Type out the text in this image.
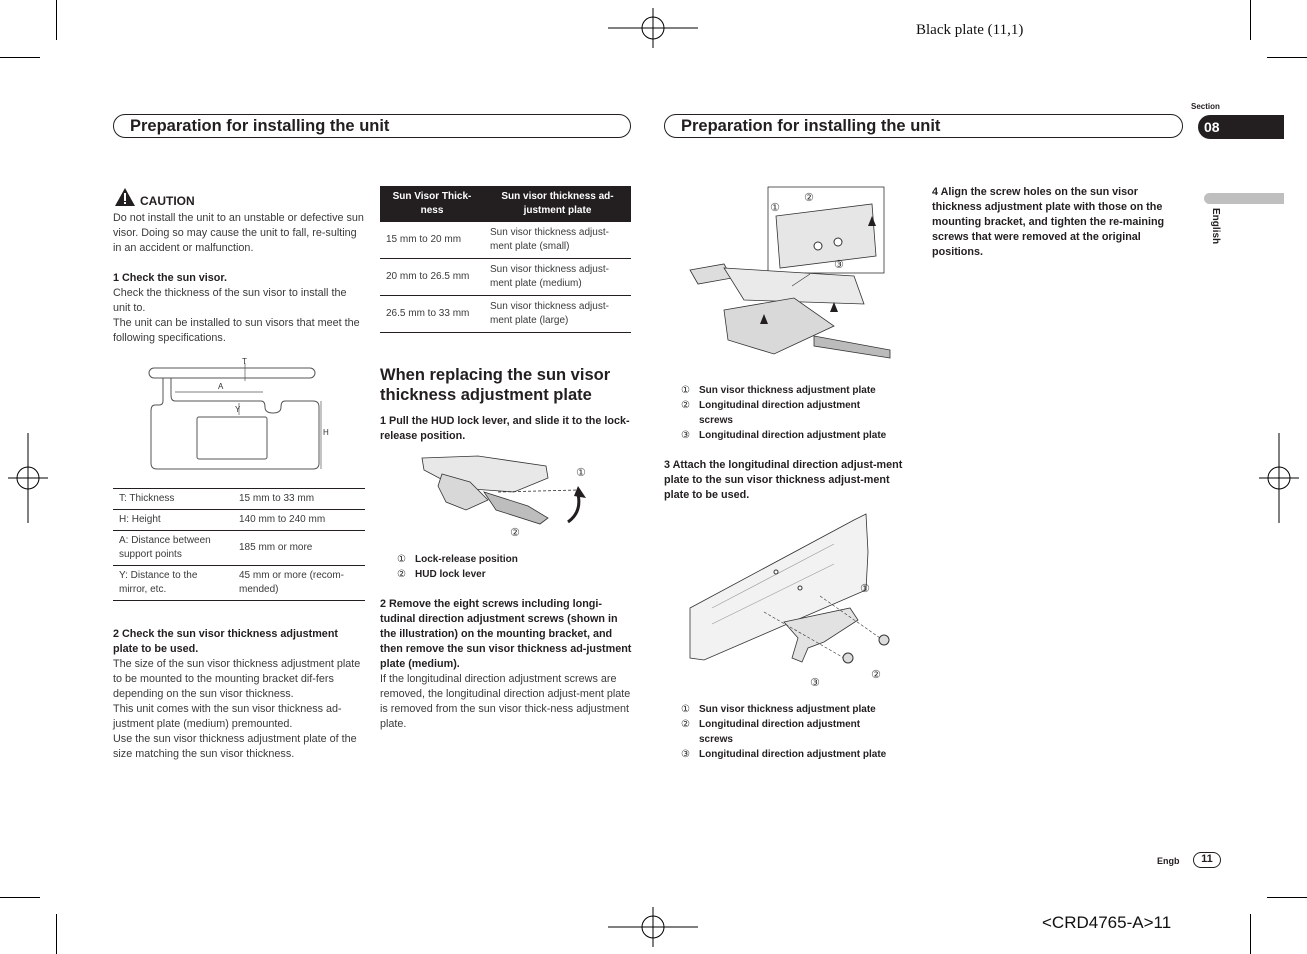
Black plate (11,1)
<CRD4765-A>11
Preparation for installing the unit	Preparation for installing the unit
Section
08
English
CAUTION
Do not install the unit to an unstable or defective sun visor. Doing so may cause the unit to fall, re-sulting in an accident or malfunction.
1 Check the sun visor.
Check the thickness of the sun visor to install the unit to.
The unit can be installed to sun visors that meet the following specifications.
T
A
Y
H
T: Thickness	15 mm to 33 mm
H: Height	140 mm to 240 mm
A: Distance between support points	185 mm or more
Y: Distance to the mirror, etc.	45 mm or more (recom-mended)
2 Check the sun visor thickness adjustment plate to be used.
The size of the sun visor thickness adjustment plate to be mounted to the mounting bracket dif-fers depending on the sun visor thickness.
This unit comes with the sun visor thickness ad-justment plate (medium) premounted.
Use the sun visor thickness adjustment plate of the size matching the sun visor thickness.
Sun Visor Thick-ness	Sun visor thickness ad-justment plate
15 mm to 20 mm	Sun visor thickness adjust-ment plate (small)
20 mm to 26.5 mm	Sun visor thickness adjust-ment plate (medium)
26.5 mm to 33 mm	Sun visor thickness adjust-ment plate (large)
When replacing the sun visor thickness adjustment plate
1 Pull the HUD lock lever, and slide it to the lock-release position.
①
②
① Lock-release position
② HUD lock lever
2 Remove the eight screws including longi-tudinal direction adjustment screws (shown in the illustration) on the mounting bracket, and then remove the sun visor thickness ad-justment plate (medium).
If the longitudinal direction adjustment screws are removed, the longitudinal direction adjust-ment plate is removed from the sun visor thick-ness adjustment plate.
①
②
③
① Sun visor thickness adjustment plate
② Longitudinal direction adjustment screws
③ Longitudinal direction adjustment plate
3 Attach the longitudinal direction adjust-ment plate to the sun visor thickness adjust-ment plate to be used.
①
②
③
① Sun visor thickness adjustment plate
② Longitudinal direction adjustment screws
③ Longitudinal direction adjustment plate
4 Align the screw holes on the sun visor thickness adjustment plate with those on the mounting bracket, and tighten the re-maining screws that were removed at the original positions.
Engb	11
